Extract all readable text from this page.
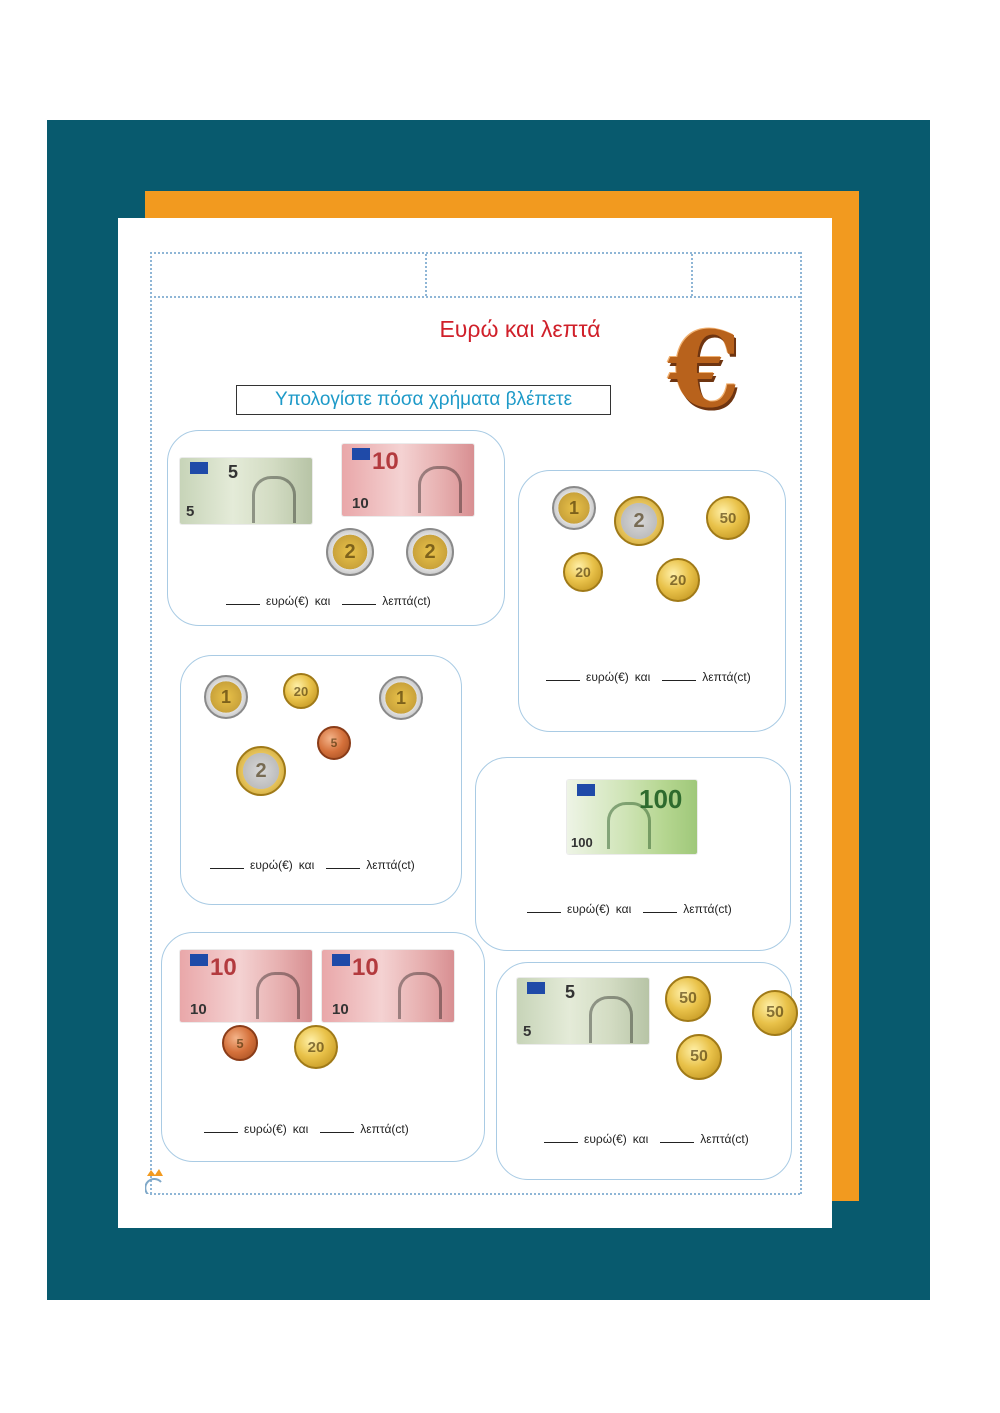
Ευρώ και λεπτά €
Υπολογίστε πόσα χρήματα βλέπετε
5
5
10
10
2	2
ευρώ (€) και	λεπτά (ct)
1
2	50
20	20
ευρώ (€) και	λεπτά (ct)
1	20	1
5
2
ευρώ (€) και	λεπτά (ct)
100
100
ευρώ (€) και	λεπτά (ct)
10
10
10
10
5	20
ευρώ (€) και	λεπτά (ct)
5
5
50
50
50
ευρώ (€) και	λεπτά (ct)
